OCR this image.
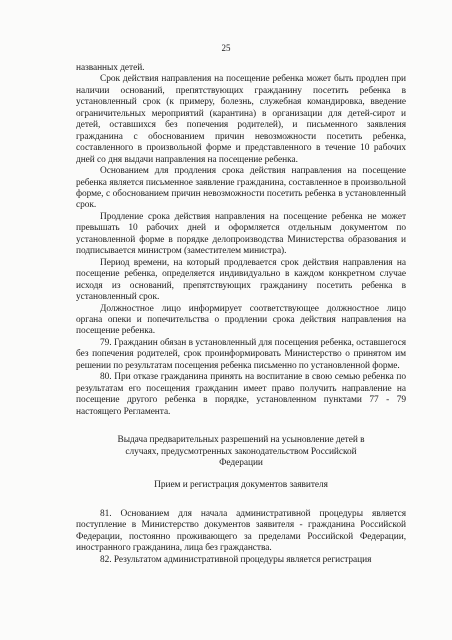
25

названных детей.

Срок действия направления на посещение ребенка может быть продлен при наличии оснований, препятствующих гражданину посетить ребенка в установленный срок (к примеру, болезнь, служебная командировка, введение ограничительных мероприятий (карантина) в организации для детей-сирот и детей, оставшихся без попечения родителей), и письменного заявления гражданина с обоснованием причин невозможности посетить ребенка, составленного в произвольной форме и представленного в течение 10 рабочих дней со дня выдачи направления на посещение ребенка.

Основанием для продления срока действия направления на посещение ребенка является письменное заявление гражданина, составленное в произвольной форме, с обоснованием причин невозможности посетить ребенка в установленный срок.

Продление срока действия направления на посещение ребенка не может превышать 10 рабочих дней и оформляется отдельным документом по установленной форме в порядке делопроизводства Министерства образования и подписывается министром (заместителем министра).

Период времени, на который продлевается срок действия направления на посещение ребенка, определяется индивидуально в каждом конкретном случае исходя из оснований, препятствующих гражданину посетить ребенка в установленный срок.

Должностное лицо информирует соответствующее должностное лицо органа опеки и попечительства о продлении срока действия направления на посещение ребенка.

79. Гражданин обязан в установленный для посещения ребенка, оставшегося без попечения родителей, срок проинформировать Министерство о принятом им решении по результатам посещения ребенка письменно по установленной форме.

80. При отказе гражданина принять на воспитание в свою семью ребенка по результатам его посещения гражданин имеет право получить направление на посещение другого ребенка в порядке, установленном пунктами 77 - 79 настоящего Регламента.

Выдача предварительных разрешений на усыновление детей в случаях, предусмотренных законодательством Российской Федерации

Прием и регистрация документов заявителя

81. Основанием для начала административной процедуры является поступление в Министерство документов заявителя - гражданина Российской Федерации, постоянно проживающего за пределами Российской Федерации, иностранного гражданина, лица без гражданства.

82. Результатом административной процедуры является регистрация
